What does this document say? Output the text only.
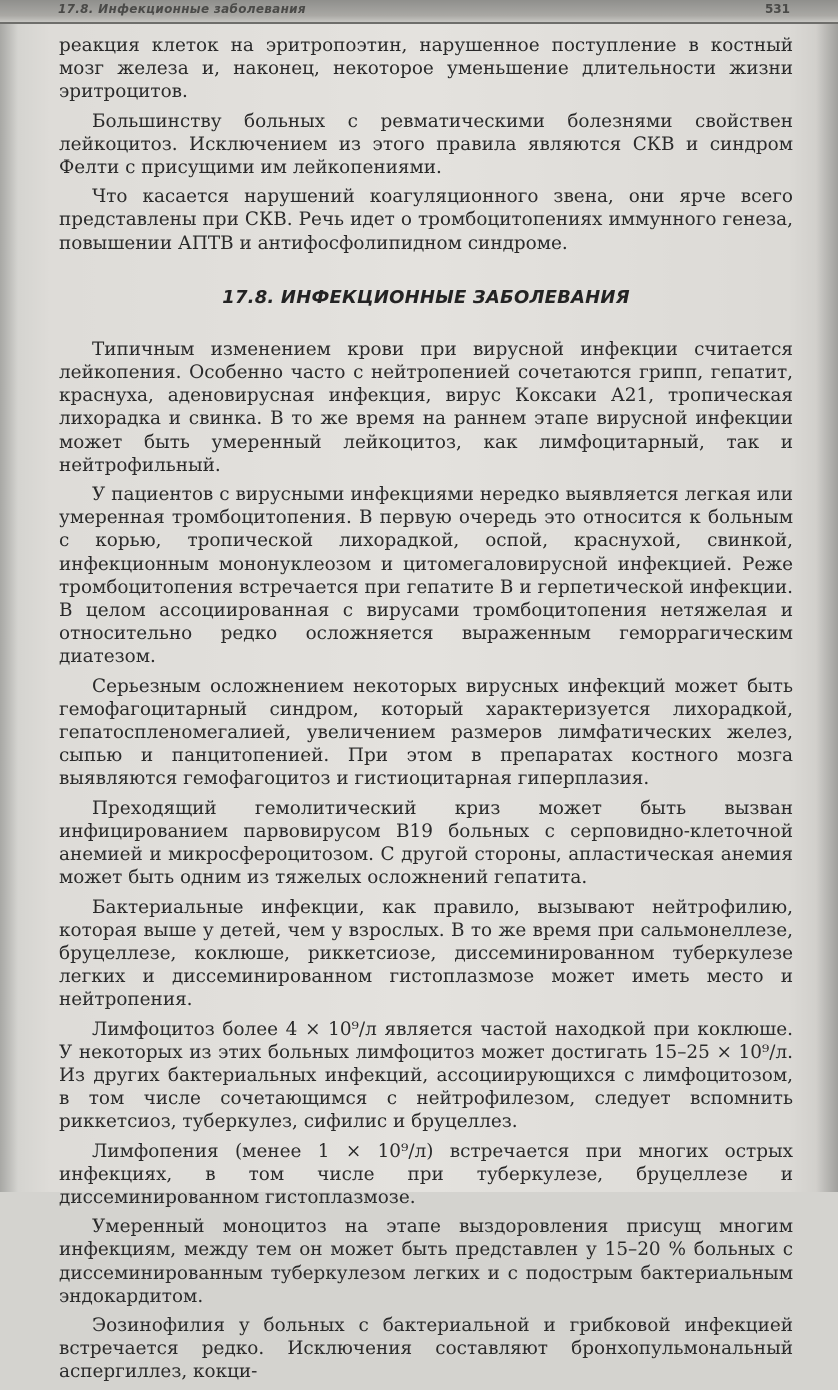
17.8. Инфекционные заболевания	531

реакция клеток на эритропоэтин, нарушенное поступление в костный мозг железа и, наконец, некоторое уменьшение длительности жизни эритроцитов.

Большинству больных с ревматическими болезнями свойствен лейкоцитоз. Исключением из этого правила являются СКВ и синдром Фелти с присущими им лейкопениями.

Что касается нарушений коагуляционного звена, они ярче всего представлены при СКВ. Речь идет о тромбоцитопениях иммунного генеза, повышении АПТВ и антифосфолипидном синдроме.

17.8. ИНФЕКЦИОННЫЕ ЗАБОЛЕВАНИЯ

Типичным изменением крови при вирусной инфекции считается лейкопения. Особенно часто с нейтропенией сочетаются грипп, гепатит, краснуха, аденовирусная инфекция, вирус Коксаки А21, тропическая лихорадка и свинка. В то же время на раннем этапе вирусной инфекции может быть умеренный лейкоцитоз, как лимфоцитарный, так и нейтрофильный.

У пациентов с вирусными инфекциями нередко выявляется легкая или умеренная тромбоцитопения. В первую очередь это относится к больным с корью, тропической лихорадкой, оспой, краснухой, свинкой, инфекционным мононуклеозом и цитомегаловирусной инфекцией. Реже тромбоцитопения встречается при гепатите В и герпетической инфекции. В целом ассоциированная с вирусами тромбоцитопения нетяжелая и относительно редко осложняется выраженным геморрагическим диатезом.

Серьезным осложнением некоторых вирусных инфекций может быть гемофагоцитарный синдром, который характеризуется лихорадкой, гепатоспленомегалией, увеличением размеров лимфатических желез, сыпью и панцитопенией. При этом в препаратах костного мозга выявляются гемофагоцитоз и гистиоцитарная гиперплазия.

Преходящий гемолитический криз может быть вызван инфицированием парвовирусом В19 больных с серповидно-клеточной анемией и микросфероцитозом. С другой стороны, апластическая анемия может быть одним из тяжелых осложнений гепатита.

Бактериальные инфекции, как правило, вызывают нейтрофилию, которая выше у детей, чем у взрослых. В то же время при сальмонеллезе, бруцеллезе, коклюше, риккетсиозе, диссеминированном туберкулезе легких и диссеминированном гистоплазмозе может иметь место и нейтропения.

Лимфоцитоз более 4 × 10⁹/л является частой находкой при коклюше. У некоторых из этих больных лимфоцитоз может достигать 15–25 × 10⁹/л. Из других бактериальных инфекций, ассоциирующихся с лимфоцитозом, в том числе сочетающимся с нейтрофилезом, следует вспомнить риккетсиоз, туберкулез, сифилис и бруцеллез.

Лимфопения (менее 1 × 10⁹/л) встречается при многих острых инфекциях, в том числе при туберкулезе, бруцеллезе и диссеминированном гистоплазмозе.

Умеренный моноцитоз на этапе выздоровления присущ многим инфекциям, между тем он может быть представлен у 15–20 % больных с диссеминированным туберкулезом легких и с подострым бактериальным эндокардитом.

Эозинофилия у больных с бактериальной и грибковой инфекцией встречается редко. Исключения составляют бронхопульмональный аспергиллез, кокци-
